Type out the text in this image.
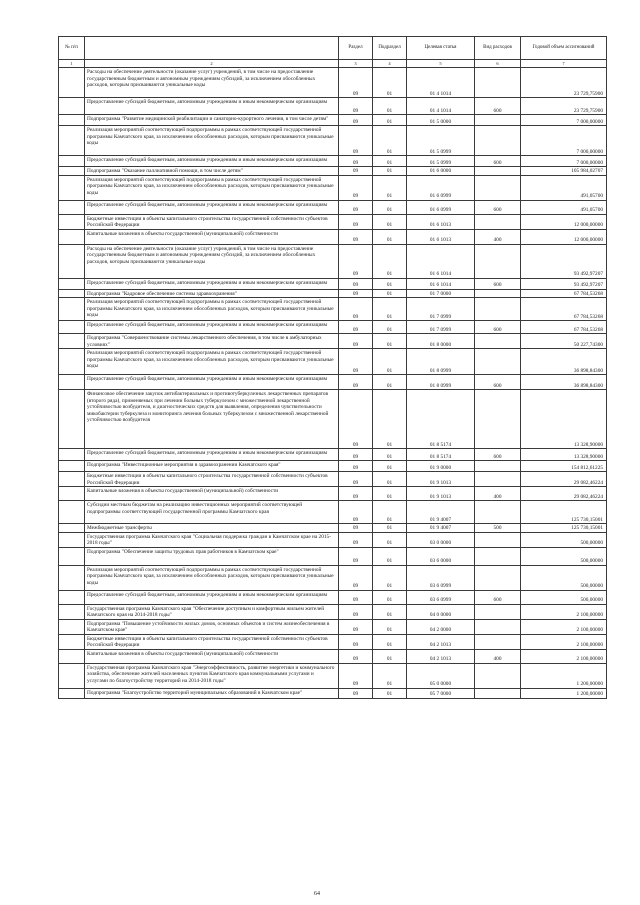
№ п/п		Раздел	Подраздел	Целевая статья	Вид расходов	Годовой объем ассигнований
1	2	3	4	5	6	7
	Расходы на обеспечение деятельности (оказание услуг) учреждений, в том числе на предоставление государственным бюджетным и автономным учреждениям субсидий, за исключением обособленных расходов, которым присваиваются уникальные коды	09	01	01 4 1014		23 729,75900
	Предоставление субсидий бюджетным, автономным учреждениям и иным некоммерческим организациям	09	01	01 4 1014	600	23 729,75900
	Подпрограмма "Развитие медицинской реабилитации и санаторно-курортного лечения, в том числе детям"	09	01	01 5 0000		7 000,00000
	Реализация мероприятий соответствующей подпрограммы в рамках соответствующей государственной программы Камчатского края, за исключением обособленных расходов, которым присваиваются уникальные коды	09	01	01 5 0999		7 000,00000
	Предоставление субсидий бюджетным, автономным учреждениям и иным некоммерческим организациям	09	01	01 5 0999	600	7 000,00000
	Подпрограмма "Оказание паллиативной помощи, в том числе детям"	09	01	01 6 0000		105 984,02707
	Реализация мероприятий соответствующей подпрограммы в рамках соответствующей государственной программы Камчатского края, за исключением обособленных расходов, которым присваиваются уникальные коды	09	01	01 6 0999		491,05700
	Предоставление субсидий бюджетным, автономным учреждениям и иным некоммерческим организациям	09	01	01 6 0999	600	491,05700
	Бюджетные инвестиции в объекты капитального строительства государственной собственности субъектов Российской Федерации	09	01	01 6 1013		12 000,00000
	Капитальные вложения в объекты государственной (муниципальной) собственности	09	01	01 6 1013	400	12 000,00000
	Расходы на обеспечение деятельности (оказание услуг) учреждений, в том числе на предоставление государственным бюджетным и автономным учреждениям субсидий, за исключением обособленных расходов, которым присваиваются уникальные коды	09	01	01 6 1014		93 492,97207
	Предоставление субсидий бюджетным, автономным учреждениям и иным некоммерческим организациям	09	01	01 6 1014	600	93 492,97207
	Подпрограмма "Кадровое обеспечение системы здравоохранения"	09	01	01 7 0000		67 784,53268
	Реализация мероприятий соответствующей подпрограммы в рамках соответствующей государственной программы Камчатского края, за исключением обособленных расходов, которым присваиваются уникальные коды	09	01	01 7 0999		67 784,53268
	Предоставление субсидий бюджетным, автономным учреждениям и иным некоммерческим организациям	09	01	01 7 0999	600	67 784,53268
	Подпрограмма "Совершенствование системы лекарственного обеспечения, в том числе в амбулаторных условиях"	09	01	01 8 0000		50 227,74300
	Реализация мероприятий соответствующей подпрограммы в рамках соответствующей государственной программы Камчатского края, за исключением обособленных расходов, которым присваиваются уникальные коды	09	01	01 8 0999		36 898,84300
	Предоставление субсидий бюджетным, автономным учреждениям и иным некоммерческим организациям	09	01	01 8 0999	600	36 898,84300
	Финансовое обеспечение закупок антибактериальных и противотуберкулезных лекарственных препаратов (второго ряда), применяемых при лечении больных туберкулезом с множественной лекарственной устойчивостью возбудителя, и диагностических средств для выявления, определения чувствительности микобактерии туберкулеза и мониторинга лечения больных туберкулезом с множественной лекарственной устойчивостью возбудителя	09	01	01 8 5174		13 328,90000
	Предоставление субсидий бюджетным, автономным учреждениям и иным некоммерческим организациям	09	01	01 8 5174	600	13 328,90000
	Подпрограмма "Инвестиционные мероприятия в здравоохранении Камчатского края"	09	01	01 9 0000		154 812,61225
	Бюджетные инвестиции в объекты капитального строительства государственной собственности субъектов Российской Федерации	09	01	01 9 1013		29 082,46224
	Капитальные вложения в объекты государственной (муниципальной) собственности	09	01	01 9 1013	400	29 082,46224
	Субсидии местным бюджетам на реализацию инвестиционных мероприятий соответствующей подпрограммы соответствующей государственной программы Камчатского края	09	01	01 9 4007		125 730,15001
	Межбюджетные трансферты	09	01	01 9 4007	500	125 730,15001
	Государственная программа Камчатского края "Социальная поддержка граждан в Камчатском крае на 2015-2018 годы"	09	01	03 0 0000		500,00000
	Подпрограмма "Обеспечение защиты трудовых прав работников в Камчатском крае"	09	01	03 6 0000		500,00000
	Реализация мероприятий соответствующей подпрограммы в рамках соответствующей государственной программы Камчатского края, за исключением обособленных расходов, которым присваиваются уникальные коды	09	01	03 6 0999		500,00000
	Предоставление субсидий бюджетным, автономным учреждениям и иным некоммерческим организациям	09	01	03 6 0999	600	500,00000
	Государственная программа Камчатского края "Обеспечение доступным и комфортным жильем жителей Камчатского края на 2014-2018 годы"	09	01	04 0 0000		2 100,00000
	Подпрограмма "Повышение устойчивости жилых домов, основных объектов и систем жизнеобеспечения в Камчатском крае"	09	01	04 2 0000		2 100,00000
	Бюджетные инвестиции в объекты капитального строительства государственной собственности субъектов Российской Федерации	09	01	04 2 1013		2 100,00000
	Капитальные вложения в объекты государственной (муниципальной) собственности	09	01	04 2 1013	400	2 100,00000
	Государственная программа Камчатского края "Энергоэффективность, развитие энергетики и коммунального хозяйства, обеспечение жителей населенных пунктов Камчатского края коммунальными услугами и услугами по благоустройству территорий на 2014-2018 годы"	09	01	05 0 0000		1 200,00000
	Подпрограмма "Благоустройство территорий муниципальных образований в Камчатском крае"	09	01	05 7 0000		1 200,00000
64
